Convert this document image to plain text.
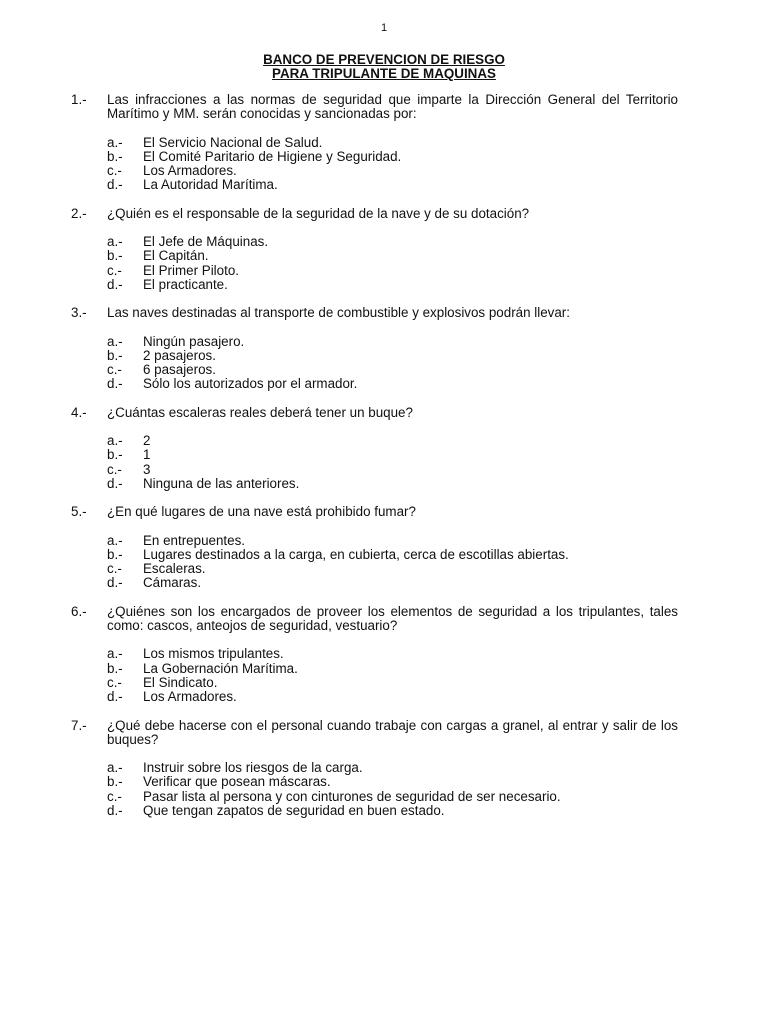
1
BANCO DE PREVENCION DE RIESGO
PARA TRIPULANTE DE MAQUINAS
1.- Las infracciones a las normas de seguridad que imparte la Dirección General del Territorio Marítimo y MM. serán conocidas y sancionadas por:
a.- El Servicio Nacional de Salud.
b.- El Comité Paritario de Higiene y Seguridad.
c.- Los Armadores.
d.- La Autoridad Marítima.
2.- ¿Quién es el responsable de la seguridad de la nave y de su dotación?
a.- El Jefe de Máquinas.
b.- El Capitán.
c.- El Primer Piloto.
d.- El practicante.
3.- Las naves destinadas al transporte de combustible y explosivos podrán llevar:
a.- Ningún pasajero.
b.- 2 pasajeros.
c.- 6 pasajeros.
d.- Sólo los autorizados por el armador.
4.- ¿Cuántas escaleras reales deberá tener un buque?
a.- 2
b.- 1
c.- 3
d.- Ninguna de las anteriores.
5.- ¿En qué lugares de una nave está prohibido fumar?
a.- En entrepuentes.
b.- Lugares destinados a la carga, en cubierta, cerca de escotillas abiertas.
c.- Escaleras.
d.- Cámaras.
6.- ¿Quiénes son los encargados de proveer los elementos de seguridad a los tripulantes, tales como: cascos, anteojos de seguridad, vestuario?
a.- Los mismos tripulantes.
b.- La Gobernación Marítima.
c.- El Sindicato.
d.- Los Armadores.
7.- ¿Qué debe hacerse con el personal cuando trabaje con cargas a granel, al entrar y salir de los buques?
a.- Instruir sobre los riesgos de la carga.
b.- Verificar que posean máscaras.
c.- Pasar lista al persona y con cinturones de seguridad de ser necesario.
d.- Que tengan zapatos de seguridad en buen estado.
